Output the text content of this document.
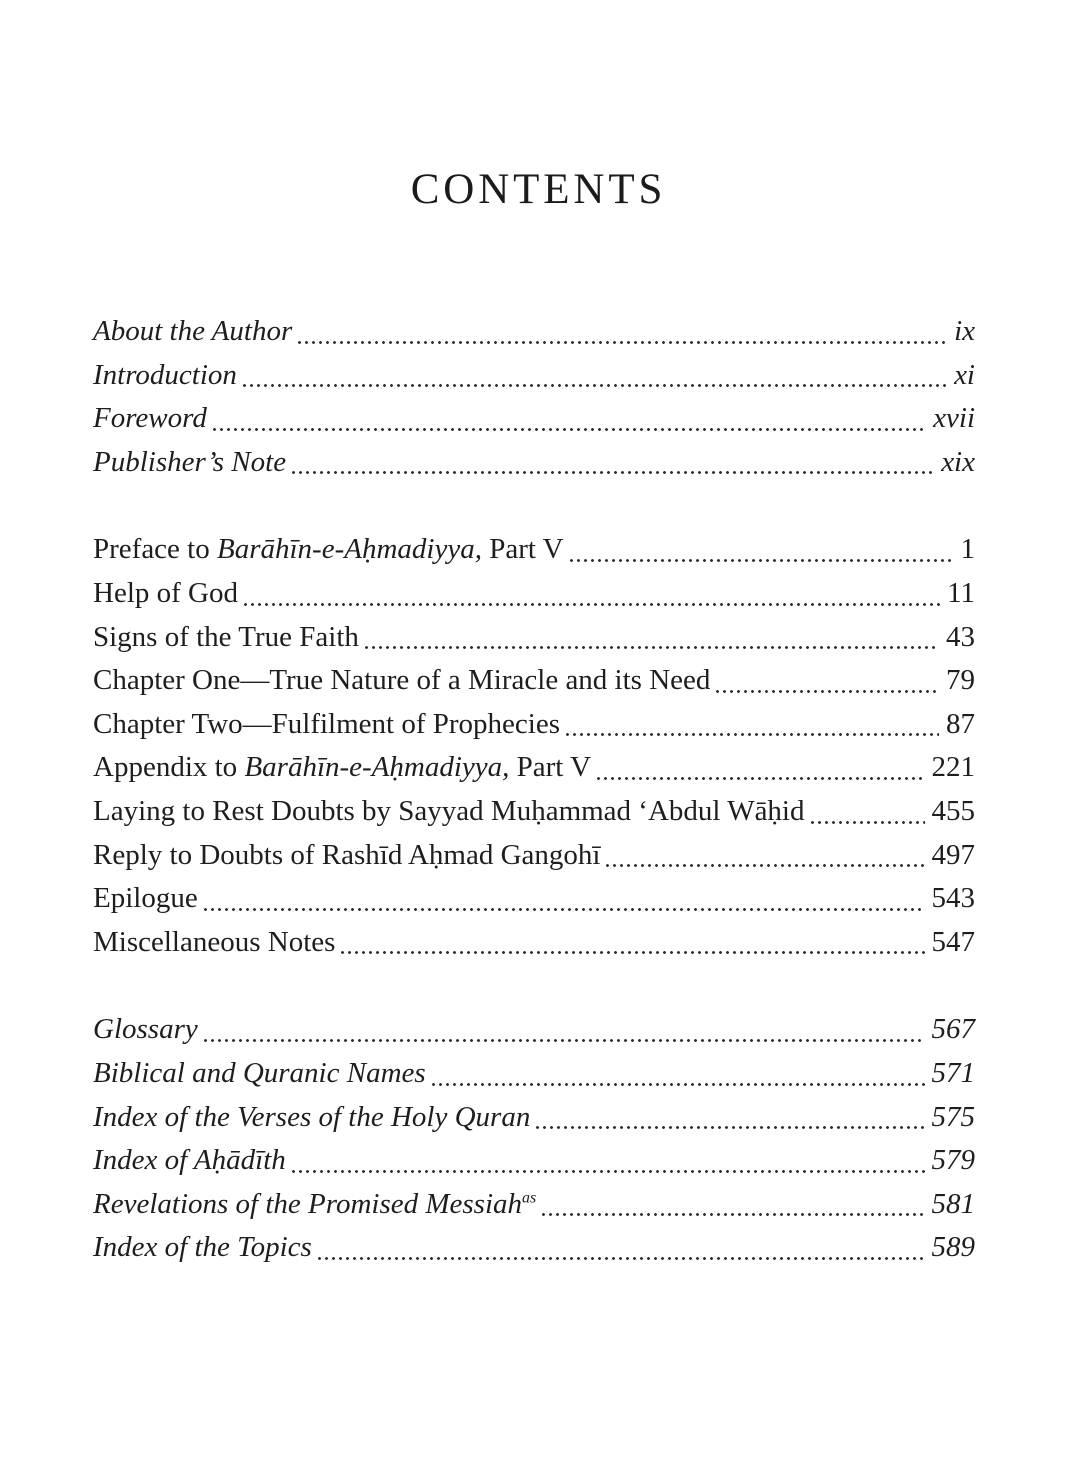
CONTENTS
About the Author	ix
Introduction	xi
Foreword	xvii
Publisher’s Note	xix
Preface to Barāhīn-e-Aḥmadiyya, Part V	1
Help of God	11
Signs of the True Faith	43
Chapter One—True Nature of a Miracle and its Need	79
Chapter Two—Fulfilment of Prophecies	87
Appendix to Barāhīn-e-Aḥmadiyya, Part V	221
Laying to Rest Doubts by Sayyad Muḥammad ‘Abdul Wāḥid	455
Reply to Doubts of Rashīd Aḥmad Gangohī	497
Epilogue	543
Miscellaneous Notes	547
Glossary	567
Biblical and Quranic Names	571
Index of the Verses of the Holy Quran	575
Index of Aḥādīth	579
Revelations of the Promised Messiah$^{as}$	581
Index of the Topics	589
